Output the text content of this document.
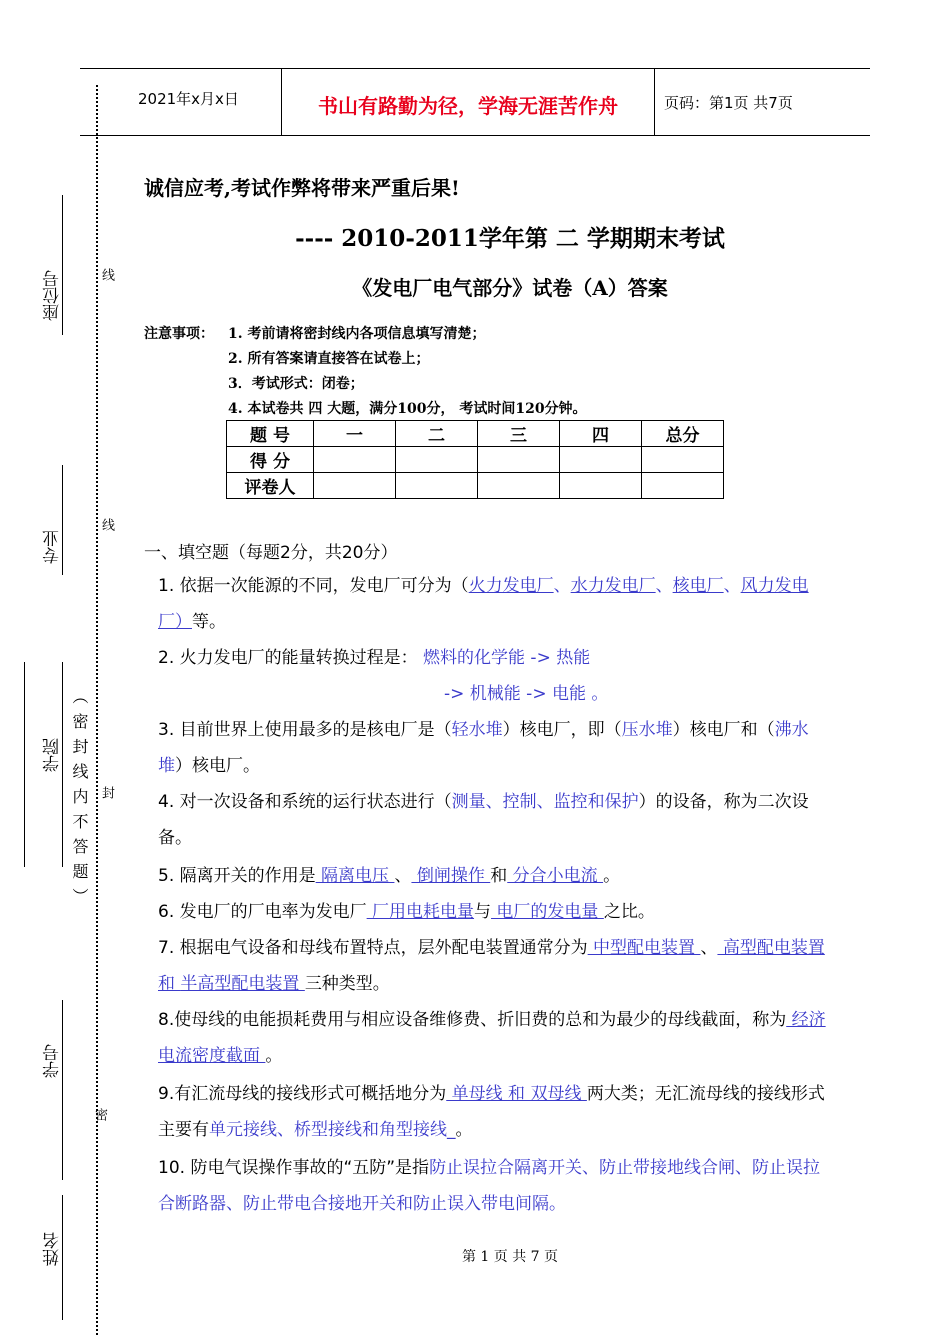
2021年x月x日	书山有路勤为径，学海无涯苦作舟	页码：第1页 共7页
座位号	线
专业
线
学院 （密封线内不答题） 封
学号
密
姓名
诚信应考,考试作弊将带来严重后果!
---- 2010-2011学年第 二 学期期末考试
《发电厂电气部分》试卷（A）答案
注意事项： 1. 考前请将密封线内各项信息填写清楚；
2. 所有答案请直接答在试卷上；
3．考试形式：闭卷；
4. 本试卷共 四 大题，满分100分， 考试时间120分钟。
题 号	一	二	三	四	总分
得 分					
评卷人					
一、填空题（每题2分，共20分）
1. 依据一次能源的不同，发电厂可分为（火力发电厂、水力发电厂、核电厂、风力发电厂）等。
2. 火力发电厂的能量转换过程是： 燃料的化学能 -> 热能
-> 机械能 -> 电能 。
3. 目前世界上使用最多的是核电厂是（轻水堆）核电厂，即（压水堆）核电厂和（沸水堆）核电厂。
4. 对一次设备和系统的运行状态进行（测量、控制、监控和保护）的设备，称为二次设备。
5. 隔离开关的作用是 隔离电压 、 倒闸操作 和 分合小电流 。
6. 发电厂的厂电率为发电厂 厂用电耗电量与 电厂的发电量 之比。
7. 根据电气设备和母线布置特点，层外配电装置通常分为 中型配电装置 、 高型配电装置 和 半高型配电装置 三种类型。
8.使母线的电能损耗费用与相应设备维修费、折旧费的总和为最少的母线截面，称为 经济电流密度截面 。
9.有汇流母线的接线形式可概括地分为 单母线 和 双母线 两大类；无汇流母线的接线形式主要有单元接线、桥型接线和角型接线_。
10. 防电气误操作事故的“五防”是指防止误拉合隔离开关、防止带接地线合闸、防止误拉合断路器、防止带电合接地开关和防止误入带电间隔。
第 1 页 共 7 页
